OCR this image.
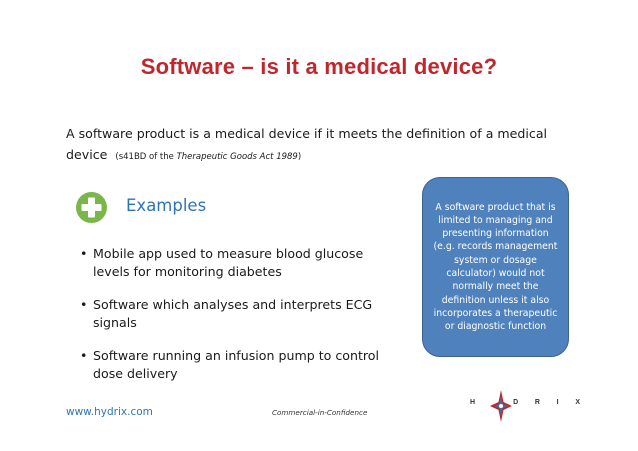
Software – is it a medical device?
A software product is a medical device if it meets the definition of a medical device (s41BD of the Therapeutic Goods Act 1989)
Examples
• Mobile app used to measure blood glucose levels for monitoring diabetes
• Software which analyses and interprets ECG signals
• Software running an infusion pump to control dose delivery
A software product that is limited to managing and presenting information (e.g. records management system or dosage calculator) would not normally meet the definition unless it also incorporates a therapeutic or diagnostic function
www.hydrix.com	Commercial-in-Confidence
H	D R I X
